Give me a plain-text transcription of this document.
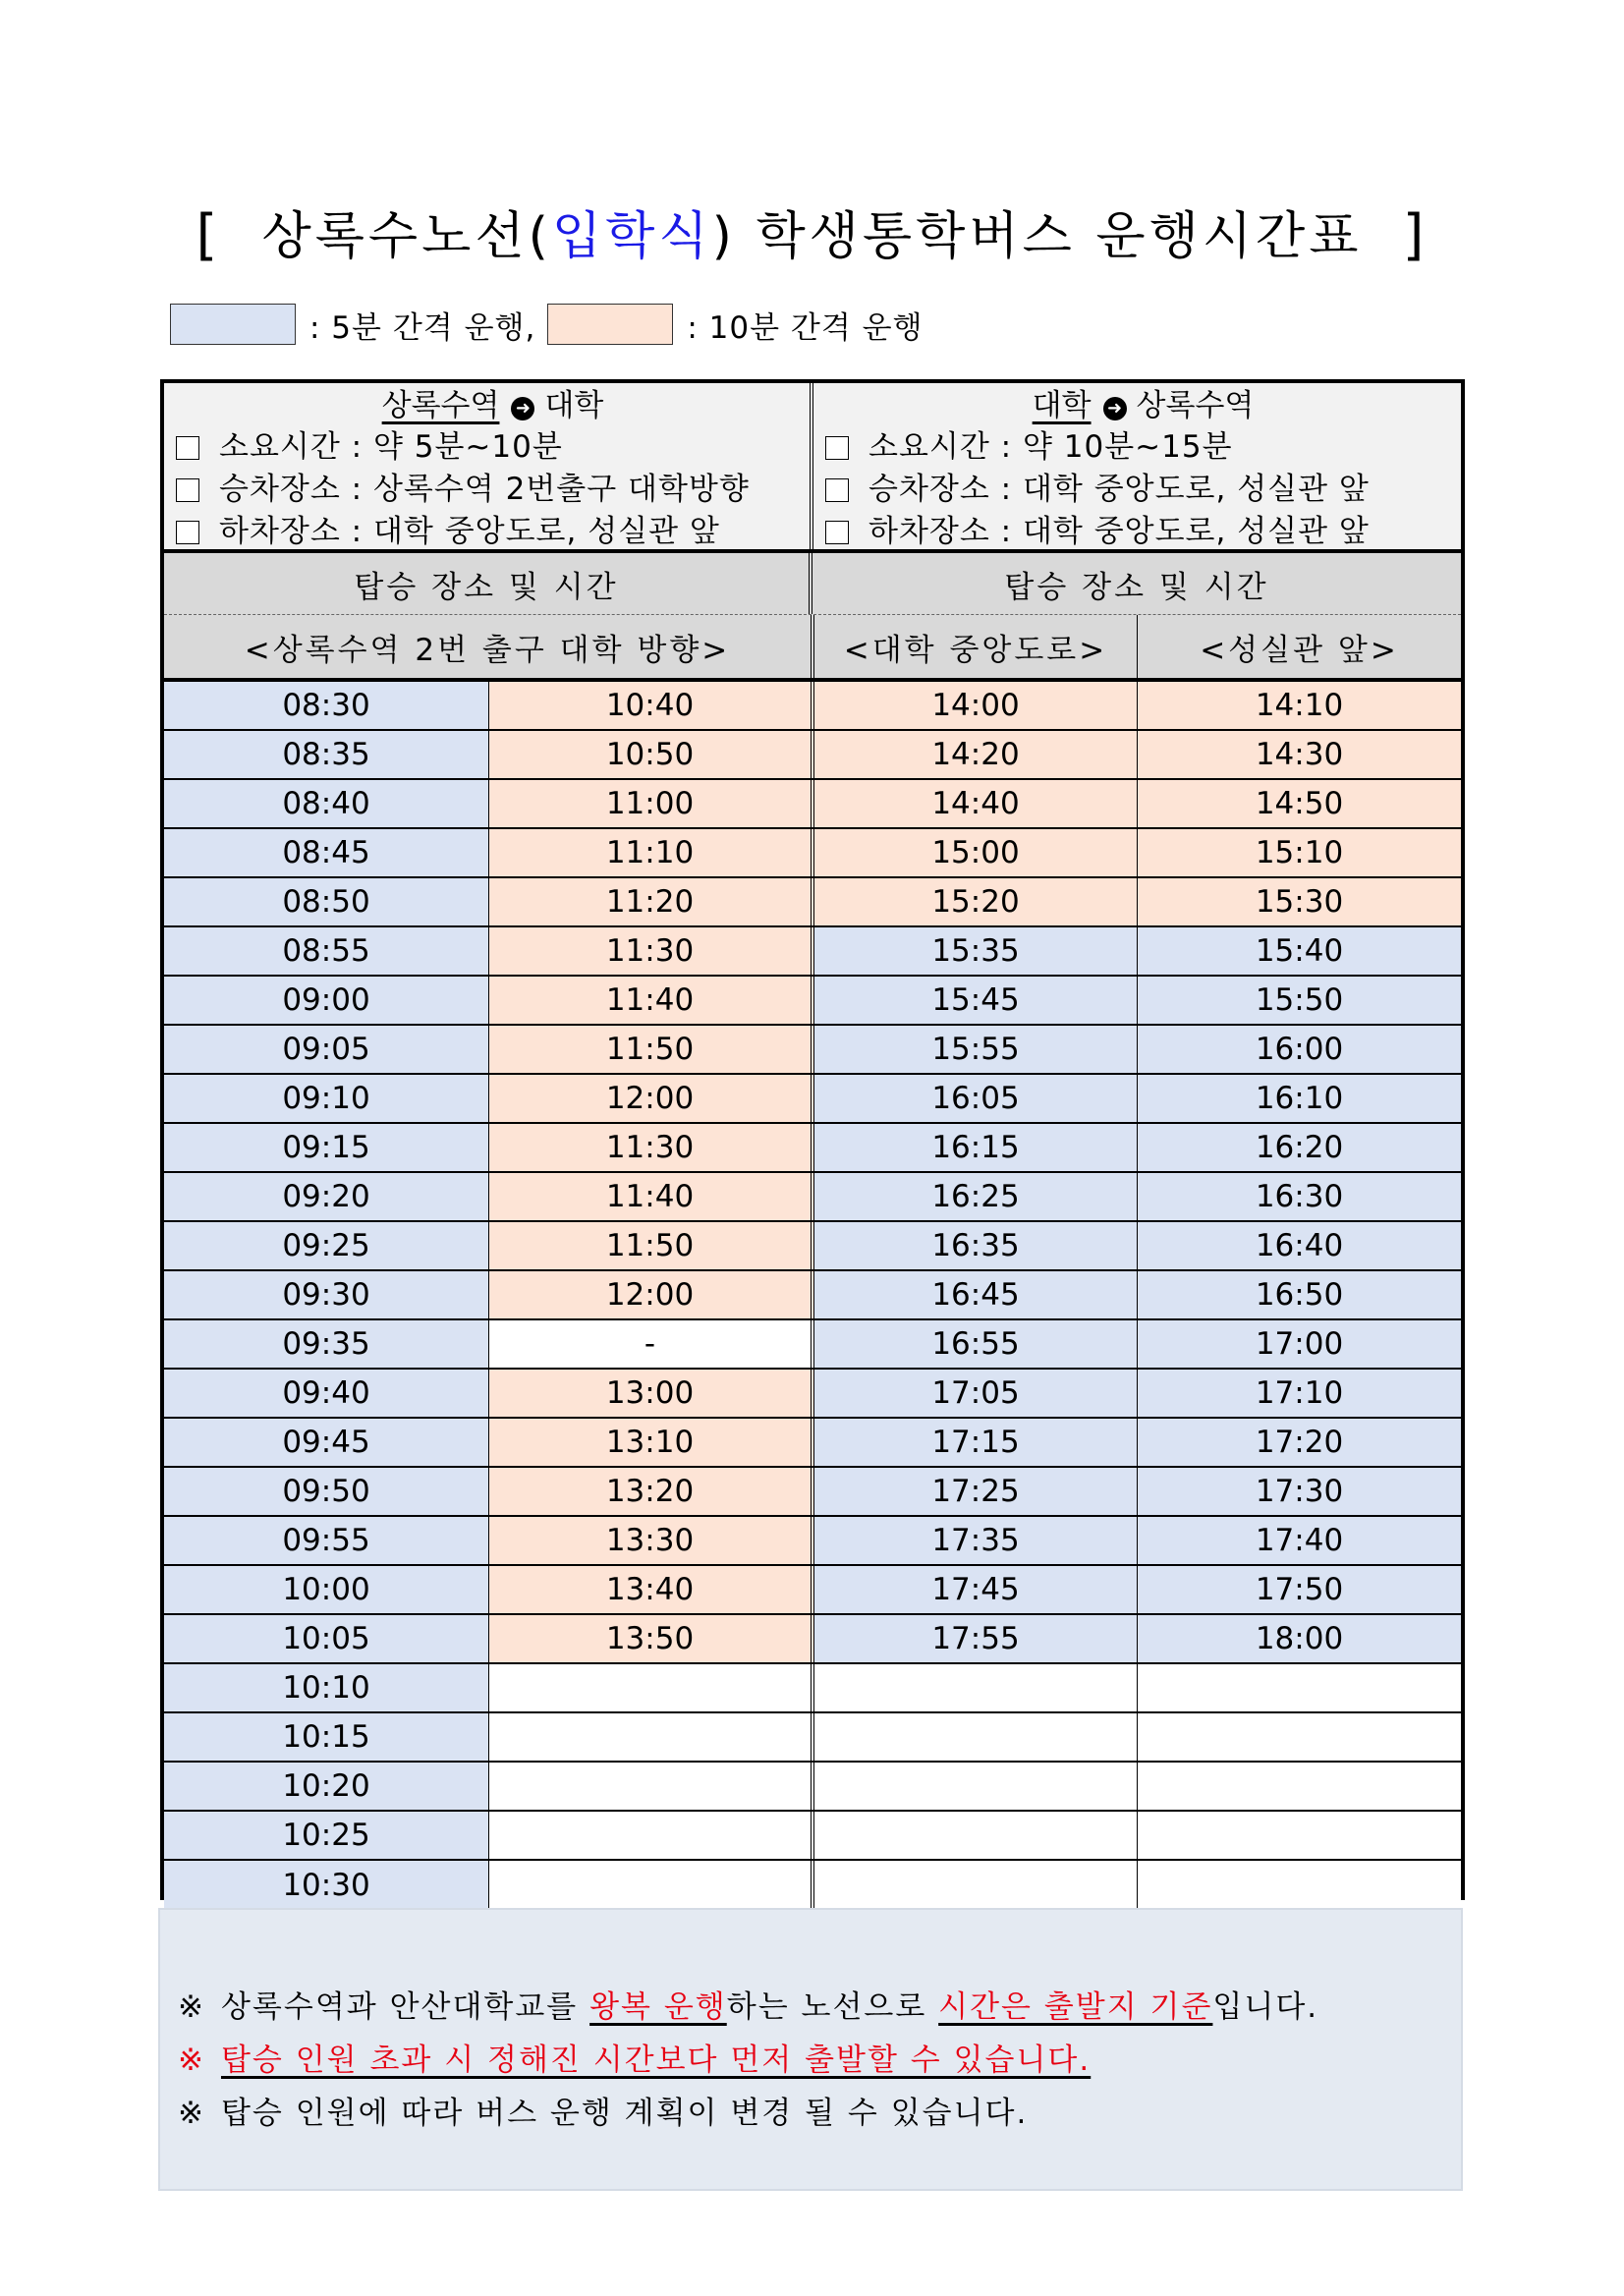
[ 상록수노선(입학식) 학생통학버스 운행시간표 ]
: 5분 간격 운행,	: 10분 간격 운행
상록수역 ➜ 대학
소요시간 : 약 5분~10분
승차장소 : 상록수역 2번출구 대학방향
하차장소 : 대학 중앙도로, 성실관 앞
대학 ➜ 상록수역
소요시간 : 약 10분~15분
승차장소 : 대학 중앙도로, 성실관 앞
하차장소 : 대학 중앙도로, 성실관 앞
탑승 장소 및 시간	탑승 장소 및 시간
<상록수역 2번 출구 대학 방향>	<대학 중앙도로>	<성실관 앞>
08:30	10:40	14:00	14:10
08:35	10:50	14:20	14:30
08:40	11:00	14:40	14:50
08:45	11:10	15:00	15:10
08:50	11:20	15:20	15:30
08:55	11:30	15:35	15:40
09:00	11:40	15:45	15:50
09:05	11:50	15:55	16:00
09:10	12:00	16:05	16:10
09:15	11:30	16:15	16:20
09:20	11:40	16:25	16:30
09:25	11:50	16:35	16:40
09:30	12:00	16:45	16:50
09:35	-	16:55	17:00
09:40	13:00	17:05	17:10
09:45	13:10	17:15	17:20
09:50	13:20	17:25	17:30
09:55	13:30	17:35	17:40
10:00	13:40	17:45	17:50
10:05	13:50	17:55	18:00
10:10
10:15
10:20
10:25
10:30
※ 상록수역과 안산대학교를 왕복 운행하는 노선으로 시간은 출발지 기준입니다.
※ 탑승 인원 초과 시 정해진 시간보다 먼저 출발할 수 있습니다.
※ 탑승 인원에 따라 버스 운행 계획이 변경 될 수 있습니다.
